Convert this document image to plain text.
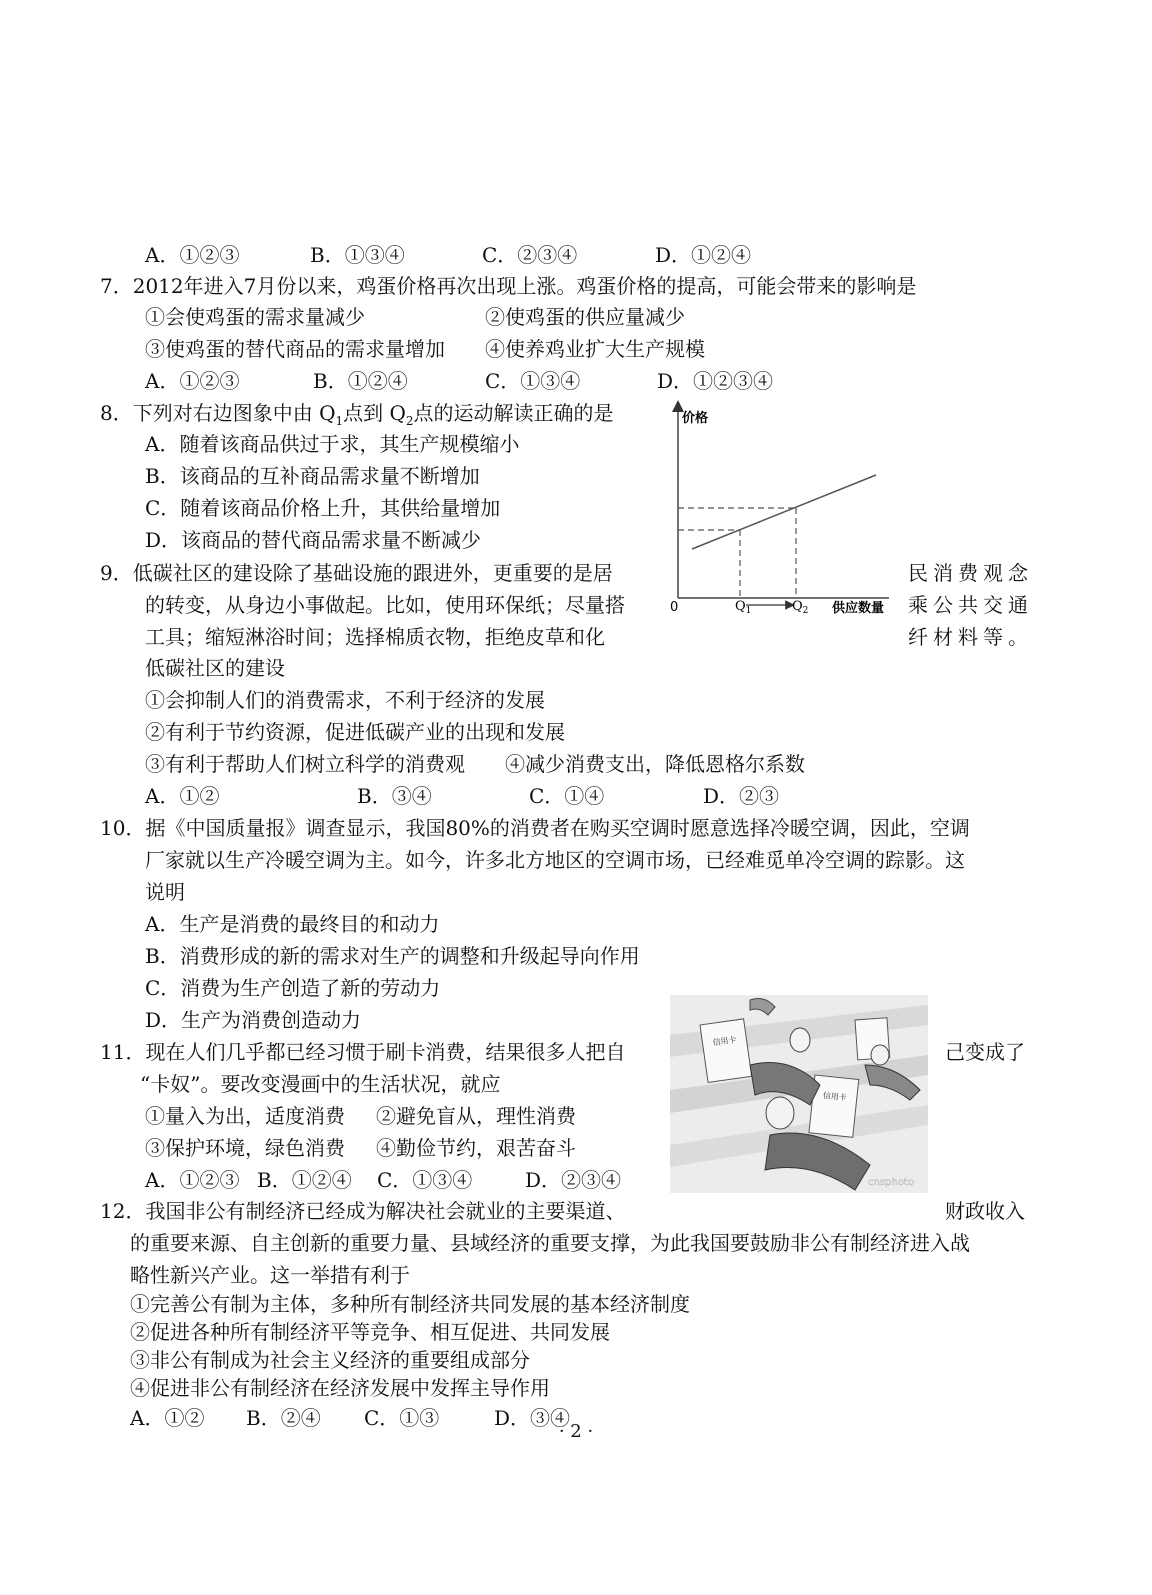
A．①②③	B．①③④	C．②③④	D．①②④
7．2012年进入7月份以来，鸡蛋价格再次出现上涨。鸡蛋价格的提高，可能会带来的影响是
①会使鸡蛋的需求量减少	②使鸡蛋的供应量减少
③使鸡蛋的替代商品的需求量增加 ④使养鸡业扩大生产规模
A．①②③	B．①②④	C．①③④	D．①②③④
8．下列对右边图象中由 $Q_1$点到 $Q_2$点的运动解读正确的是
A．随着该商品供过于求，其生产规模缩小
B．该商品的互补商品需求量不断增加
C．随着该商品价格上升，其供给量增加
D．该商品的替代商品需求量不断减少
价格
0	$Q_1$	$Q_2$ 供应数量
9．低碳社区的建设除了基础设施的跟进外，更重要的是居	民消费观念
的转变，从身边小事做起。比如，使用环保纸；尽量搭	乘公共交通
工具；缩短淋浴时间；选择棉质衣物，拒绝皮草和化	纤材料等。
低碳社区的建设
①会抑制人们的消费需求，不利于经济的发展
②有利于节约资源，促进低碳产业的出现和发展
③有利于帮助人们树立科学的消费观 ④减少消费支出，降低恩格尔系数
A．①②	B．③④	C．①④	D．②③
10．据《中国质量报》调查显示，我国80%的消费者在购买空调时愿意选择冷暖空调，因此，空调
厂家就以生产冷暖空调为主。如今，许多北方地区的空调市场，已经难觅单冷空调的踪影。这
说明
A．生产是消费的最终目的和动力
B．消费形成的新的需求对生产的调整和升级起导向作用
C．消费为生产创造了新的劳动力
D．生产为消费创造动力
信用卡
信用卡
cnsphoto
11．现在人们几乎都已经习惯于刷卡消费，结果很多人把自	己变成了
“卡奴”。要改变漫画中的生活状况，就应
①量入为出，适度消费 ②避免盲从，理性消费
③保护环境，绿色消费 ④勤俭节约，艰苦奋斗
A．①②③ B．①②④ C．①③④	D．②③④
12．我国非公有制经济已经成为解决社会就业的主要渠道、	财政收入
的重要来源、自主创新的重要力量、县域经济的重要支撑，为此我国要鼓励非公有制经济进入战
略性新兴产业。这一举措有利于
①完善公有制为主体，多种所有制经济共同发展的基本经济制度
②促进各种所有制经济平等竞争、相互促进、共同发展
③非公有制成为社会主义经济的重要组成部分
④促进非公有制经济在经济发展中发挥主导作用
A．①② B．②④ C．①③	D．③④
· 2 ·
